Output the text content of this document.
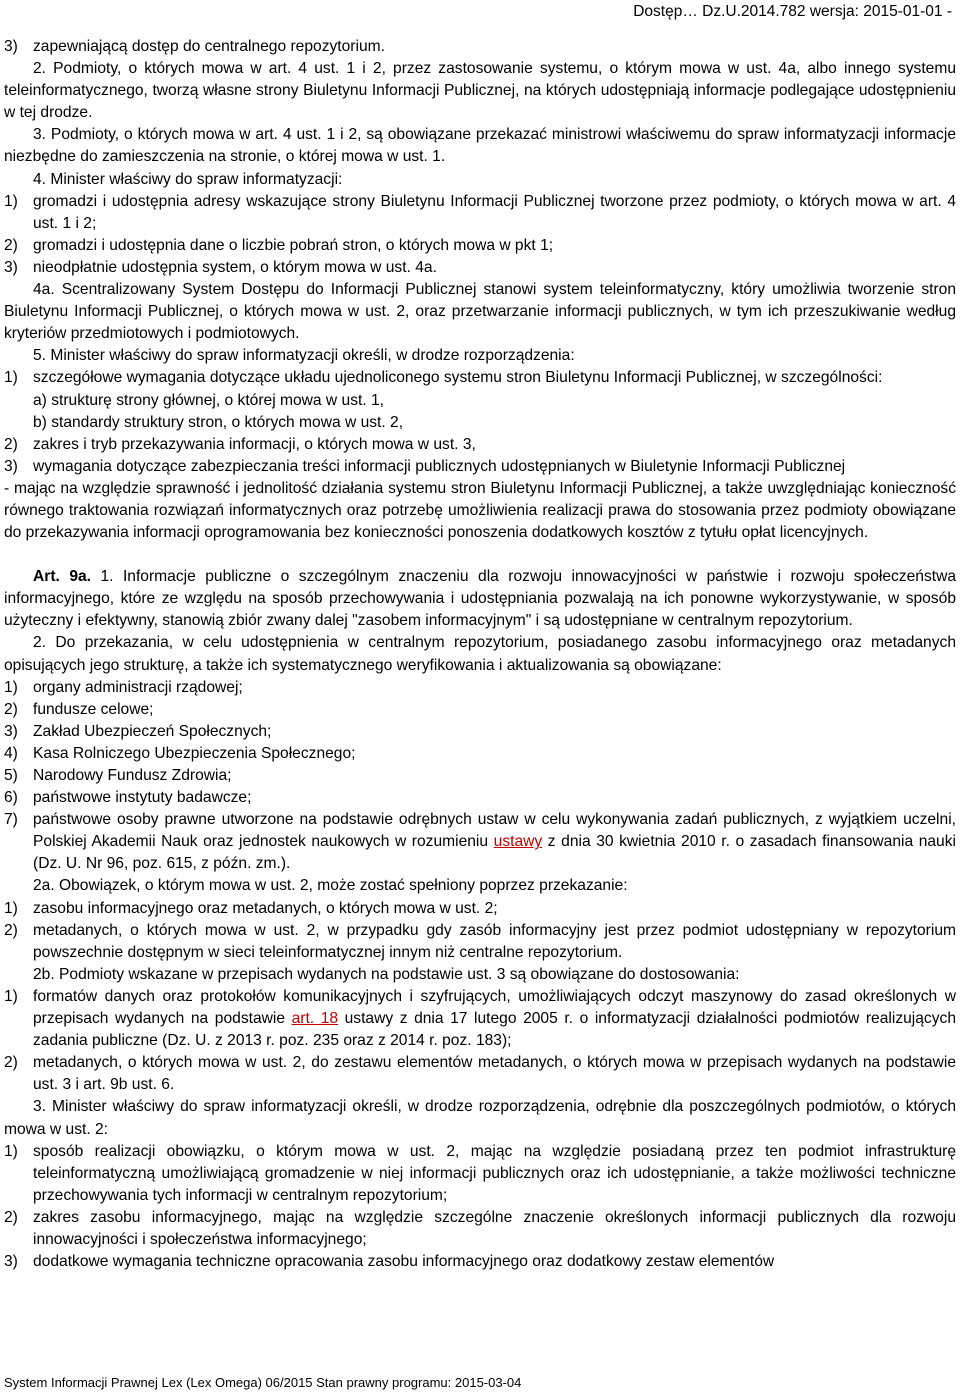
Dostęp… Dz.U.2014.782 wersja: 2015-01-01 -
3) zapewniającą dostęp do centralnego repozytorium.

2. Podmioty, o których mowa w art. 4 ust. 1 i 2, przez zastosowanie systemu, o którym mowa w ust. 4a, albo innego systemu teleinformatycznego, tworzą własne strony Biuletynu Informacji Publicznej, na których udostępniają informacje podlegające udostępnieniu w tej drodze.

3. Podmioty, o których mowa w art. 4 ust. 1 i 2, są obowiązane przekazać ministrowi właściwemu do spraw informatyzacji informacje niezbędne do zamieszczenia na stronie, o której mowa w ust. 1.

4. Minister właściwy do spraw informatyzacji:

1) gromadzi i udostępnia adresy wskazujące strony Biuletynu Informacji Publicznej tworzone przez podmioty, o których mowa w art. 4 ust. 1 i 2;
2) gromadzi i udostępnia dane o liczbie pobrań stron, o których mowa w pkt 1;
3) nieodpłatnie udostępnia system, o którym mowa w ust. 4a.

4a. Scentralizowany System Dostępu do Informacji Publicznej stanowi system teleinformatyczny, który umożliwia tworzenie stron Biuletynu Informacji Publicznej, o których mowa w ust. 2, oraz przetwarzanie informacji publicznych, w tym ich przeszukiwanie według kryteriów przedmiotowych i podmiotowych.

5. Minister właściwy do spraw informatyzacji określi, w drodze rozporządzenia:

1) szczegółowe wymagania dotyczące układu ujednoliconego systemu stron Biuletynu Informacji Publicznej, w szczególności:

a) strukturę strony głównej, o której mowa w ust. 1,

b) standardy struktury stron, o których mowa w ust. 2,

2) zakres i tryb przekazywania informacji, o których mowa w ust. 3,
3) wymagania dotyczące zabezpieczania treści informacji publicznych udostępnianych w Biuletynie Informacji Publicznej

- mając na względzie sprawność i jednolitość działania systemu stron Biuletynu Informacji Publicznej, a także uwzględniając konieczność równego traktowania rozwiązań informatycznych oraz potrzebę umożliwienia realizacji prawa do stosowania przez podmioty obowiązane do przekazywania informacji oprogramowania bez konieczności ponoszenia dodatkowych kosztów z tytułu opłat licencyjnych.

Art. 9a. 1. Informacje publiczne o szczególnym znaczeniu dla rozwoju innowacyjności w państwie i rozwoju społeczeństwa informacyjnego, które ze względu na sposób przechowywania i udostępniania pozwalają na ich ponowne wykorzystywanie, w sposób użyteczny i efektywny, stanowią zbiór zwany dalej "zasobem informacyjnym" i są udostępniane w centralnym repozytorium.

2. Do przekazania, w celu udostępnienia w centralnym repozytorium, posiadanego zasobu informacyjnego oraz metadanych opisujących jego strukturę, a także ich systematycznego weryfikowania i aktualizowania są obowiązane:

1) organy administracji rządowej;
2) fundusze celowe;
3) Zakład Ubezpieczeń Społecznych;
4) Kasa Rolniczego Ubezpieczenia Społecznego;
5) Narodowy Fundusz Zdrowia;
6) państwowe instytuty badawcze;
7) państwowe osoby prawne utworzone na podstawie odrębnych ustaw w celu wykonywania zadań publicznych, z wyjątkiem uczelni, Polskiej Akademii Nauk oraz jednostek naukowych w rozumieniu ustawy z dnia 30 kwietnia 2010 r. o zasadach finansowania nauki (Dz. U. Nr 96, poz. 615, z późn. zm.).

2a. Obowiązek, o którym mowa w ust. 2, może zostać spełniony poprzez przekazanie:

1) zasobu informacyjnego oraz metadanych, o których mowa w ust. 2;
2) metadanych, o których mowa w ust. 2, w przypadku gdy zasób informacyjny jest przez podmiot udostępniany w repozytorium powszechnie dostępnym w sieci teleinformatycznej innym niż centralne repozytorium.

2b. Podmioty wskazane w przepisach wydanych na podstawie ust. 3 są obowiązane do dostosowania:

1) formatów danych oraz protokołów komunikacyjnych i szyfrujących, umożliwiających odczyt maszynowy do zasad określonych w przepisach wydanych na podstawie art. 18 ustawy z dnia 17 lutego 2005 r. o informatyzacji działalności podmiotów realizujących zadania publiczne (Dz. U. z 2013 r. poz. 235 oraz z 2014 r. poz. 183);
2) metadanych, o których mowa w ust. 2, do zestawu elementów metadanych, o których mowa w przepisach wydanych na podstawie ust. 3 i art. 9b ust. 6.

3. Minister właściwy do spraw informatyzacji określi, w drodze rozporządzenia, odrębnie dla poszczególnych podmiotów, o których mowa w ust. 2:

1) sposób realizacji obowiązku, o którym mowa w ust. 2, mając na względzie posiadaną przez ten podmiot infrastrukturę teleinformatyczną umożliwiającą gromadzenie w niej informacji publicznych oraz ich udostępnianie, a także możliwości techniczne przechowywania tych informacji w centralnym repozytorium;
2) zakres zasobu informacyjnego, mając na względzie szczególne znaczenie określonych informacji publicznych dla rozwoju innowacyjności i społeczeństwa informacyjnego;
3) dodatkowe wymagania techniczne opracowania zasobu informacyjnego oraz dodatkowy zestaw elementów
System Informacji Prawnej Lex (Lex Omega) 06/2015 Stan prawny programu: 2015-03-04
